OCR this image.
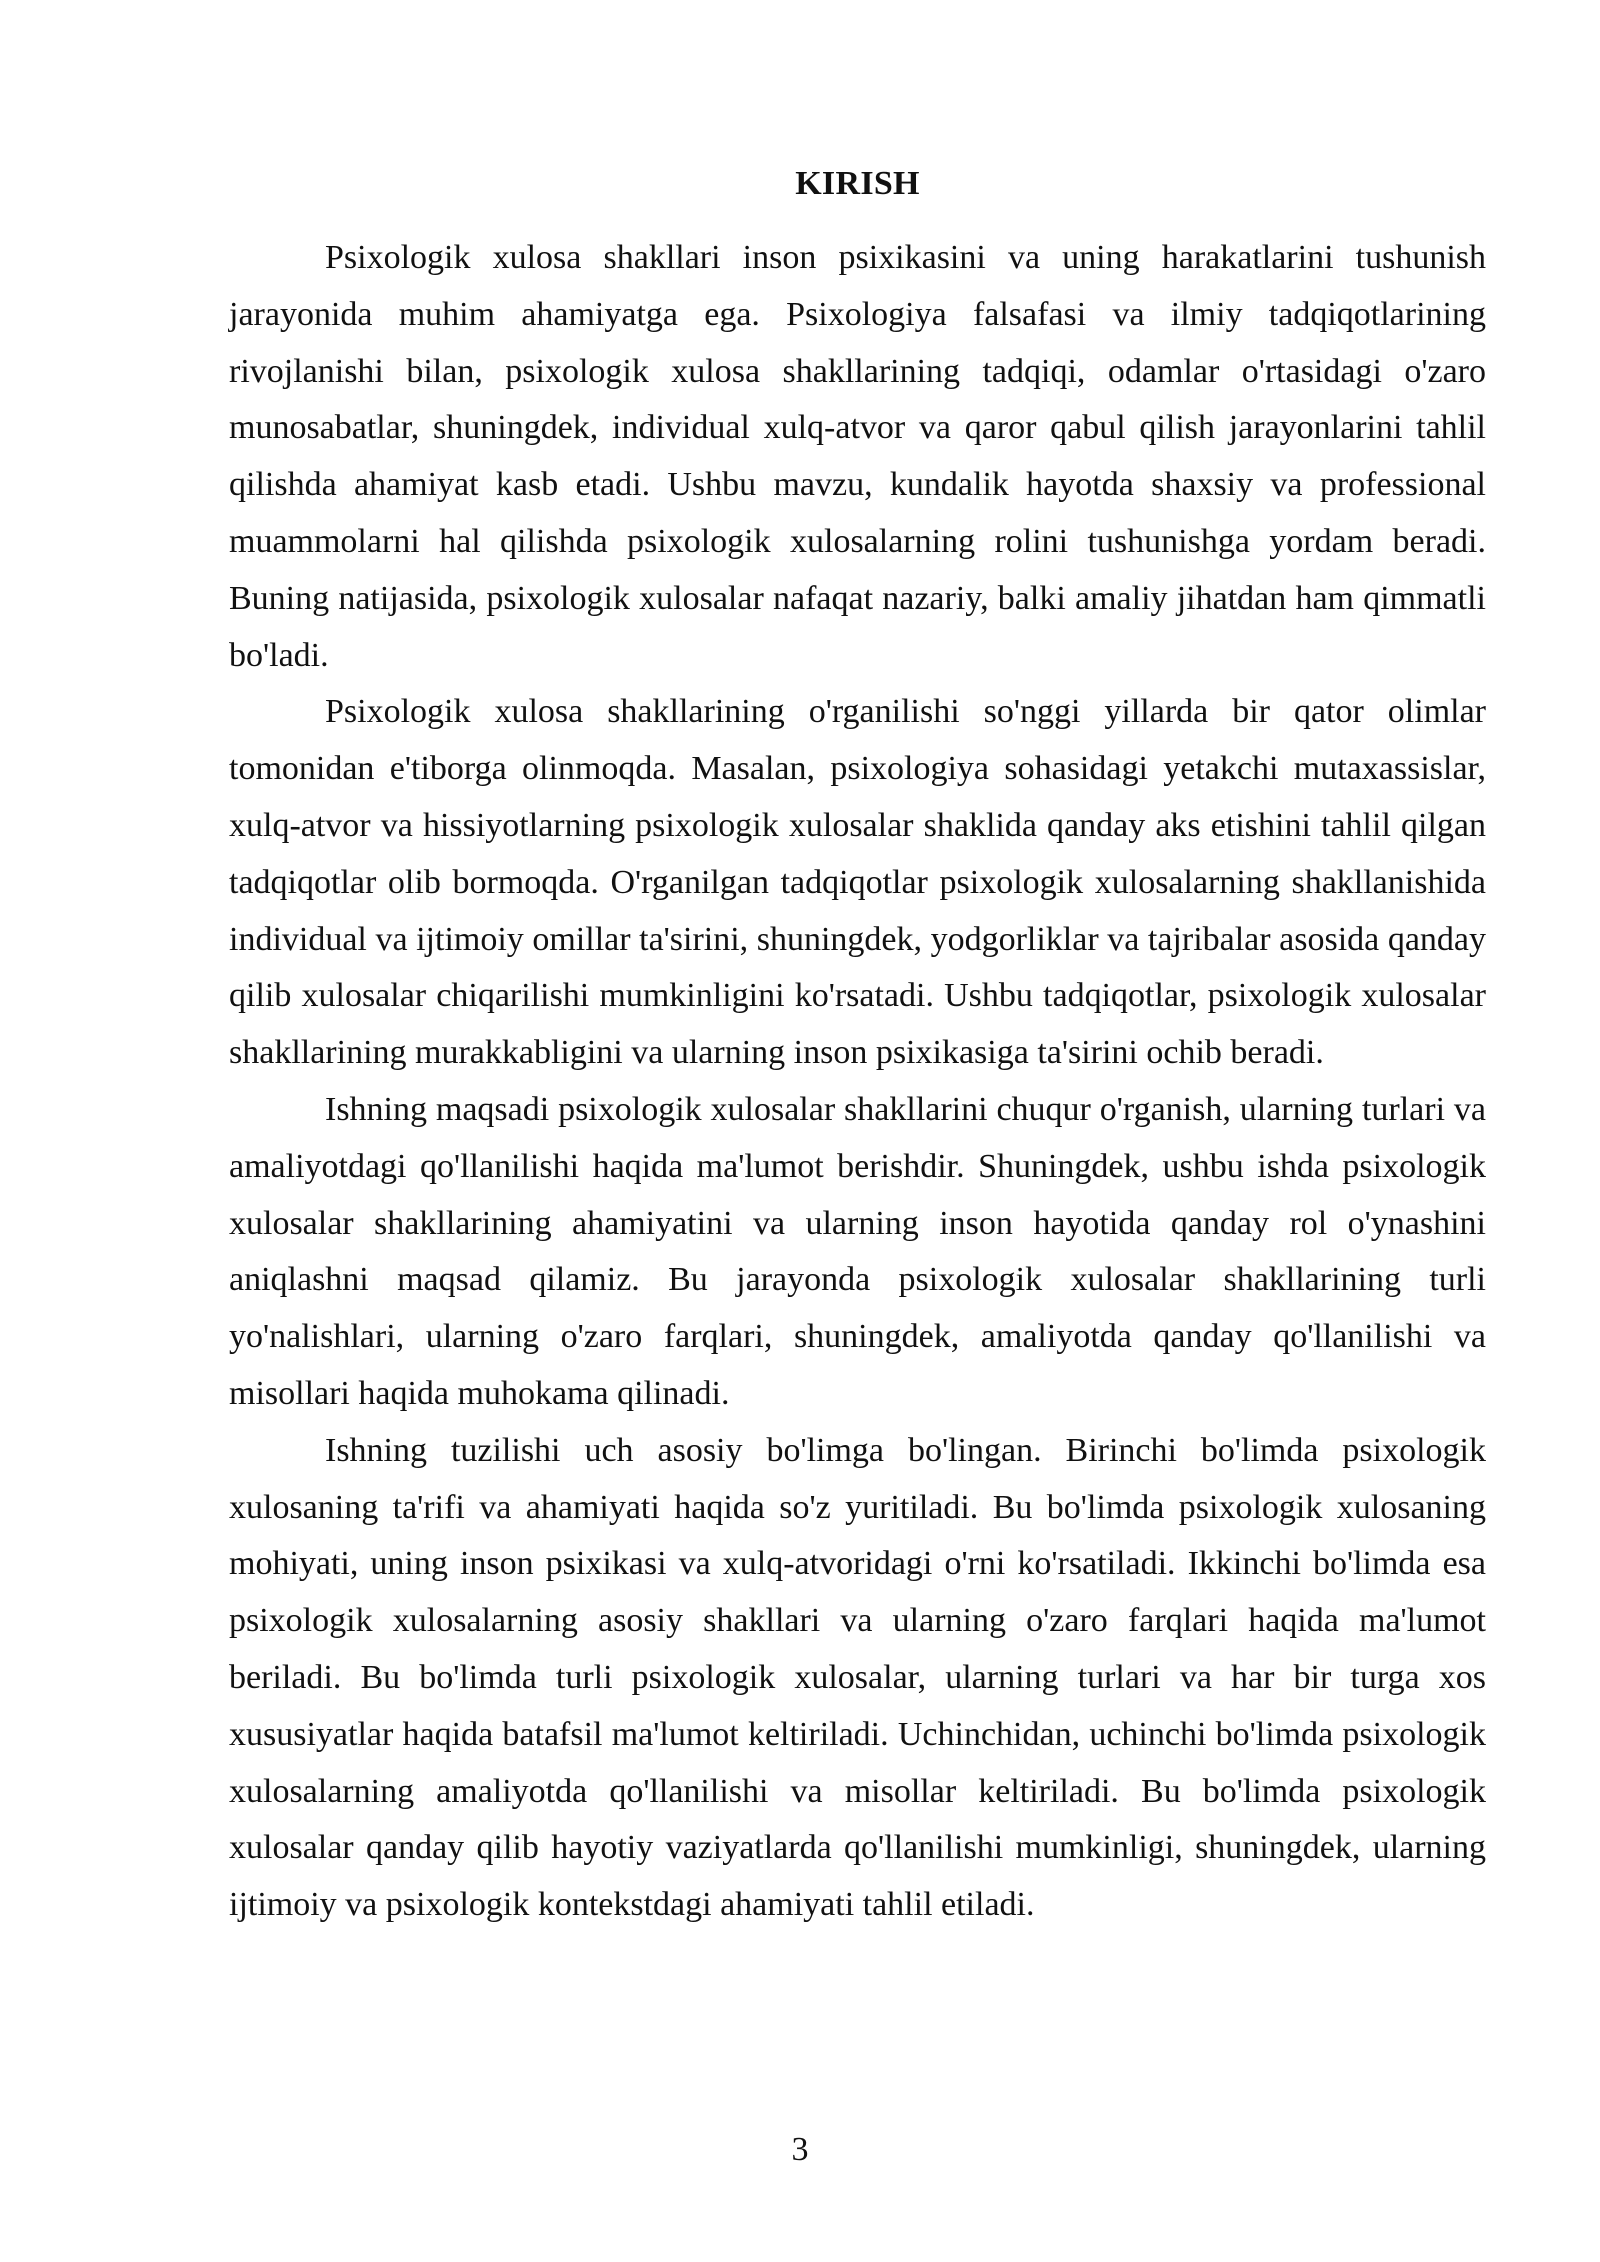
KIRISH

Psixologik xulosa shakllari inson psixikasini va uning harakatlarini tushunish jarayonida muhim ahamiyatga ega. Psixologiya falsafasi va ilmiy tadqiqotlarining rivojlanishi bilan, psixologik xulosa shakllarining tadqiqi, odamlar o'rtasidagi o'zaro munosabatlar, shuningdek, individual xulq-atvor va qaror qabul qilish jarayonlarini tahlil qilishda ahamiyat kasb etadi. Ushbu mavzu, kundalik hayotda shaxsiy va professional muammolarni hal qilishda psixologik xulosalarning rolini tushunishga yordam beradi. Buning natijasida, psixologik xulosalar nafaqat nazariy, balki amaliy jihatdan ham qimmatli bo'ladi.

Psixologik xulosa shakllarining o'rganilishi so'nggi yillarda bir qator olimlar tomonidan e'tiborga olinmoqda. Masalan, psixologiya sohasidagi yetakchi mutaxassislar, xulq-atvor va hissiyotlarning psixologik xulosalar shaklida qanday aks etishini tahlil qilgan tadqiqotlar olib bormoqda. O'rganilgan tadqiqotlar psixologik xulosalarning shakllanishida individual va ijtimoiy omillar ta'sirini, shuningdek, yodgorliklar va tajribalar asosida qanday qilib xulosalar chiqarilishi mumkinligini ko'rsatadi. Ushbu tadqiqotlar, psixologik xulosalar shakllarining murakkabligini va ularning inson psixikasiga ta'sirini ochib beradi.

Ishning maqsadi psixologik xulosalar shakllarini chuqur o'rganish, ularning turlari va amaliyotdagi qo'llanilishi haqida ma'lumot berishdir. Shuningdek, ushbu ishda psixologik xulosalar shakllarining ahamiyatini va ularning inson hayotida qanday rol o'ynashini aniqlashni maqsad qilamiz. Bu jarayonda psixologik xulosalar shakllarining turli yo'nalishlari, ularning o'zaro farqlari, shuningdek, amaliyotda qanday qo'llanilishi va misollari haqida muhokama qilinadi.

Ishning tuzilishi uch asosiy bo'limga bo'lingan. Birinchi bo'limda psixologik xulosaning ta'rifi va ahamiyati haqida so'z yuritiladi. Bu bo'limda psixologik xulosaning mohiyati, uning inson psixikasi va xulq-atvoridagi o'rni ko'rsatiladi. Ikkinchi bo'limda esa psixologik xulosalarning asosiy shakllari va ularning o'zaro farqlari haqida ma'lumot beriladi. Bu bo'limda turli psixologik xulosalar, ularning turlari va har bir turga xos xususiyatlar haqida batafsil ma'lumot keltiriladi. Uchinchidan, uchinchi bo'limda psixologik xulosalarning amaliyotda qo'llanilishi va misollar keltiriladi. Bu bo'limda psixologik xulosalar qanday qilib hayotiy vaziyatlarda qo'llanilishi mumkinligi, shuningdek, ularning ijtimoiy va psixologik kontekstdagi ahamiyati tahlil etiladi.

3
